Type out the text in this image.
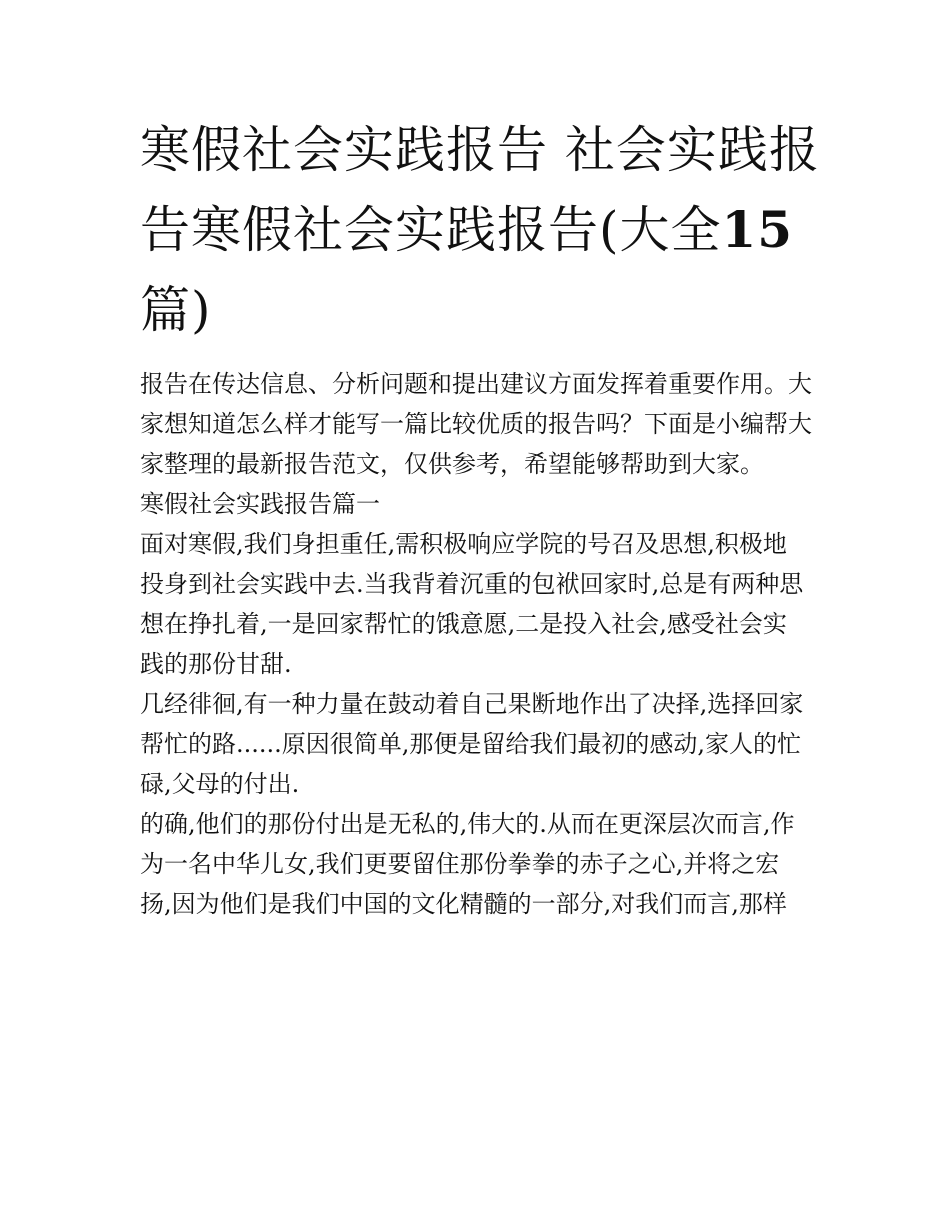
寒假社会实践报告 社会实践报告寒假社会实践报告(大全15篇)

报告在传达信息、分析问题和提出建议方面发挥着重要作用。大家想知道怎么样才能写一篇比较优质的报告吗？下面是小编帮大家整理的最新报告范文，仅供参考，希望能够帮助到大家。

寒假社会实践报告篇一

面对寒假,我们身担重任,需积极响应学院的号召及思想,积极地投身到社会实践中去.当我背着沉重的包袱回家时,总是有两种思想在挣扎着,一是回家帮忙的饿意愿,二是投入社会,感受社会实践的那份甘甜.

几经徘徊,有一种力量在鼓动着自己果断地作出了决择,选择回家帮忙的路......原因很简单,那便是留给我们最初的感动,家人的忙碌,父母的付出.

的确,他们的那份付出是无私的,伟大的.从而在更深层次而言,作为一名中华儿女,我们更要留住那份拳拳的赤子之心,并将之宏扬,因为他们是我们中国的文化精髓的一部分,对我们而言,那样
